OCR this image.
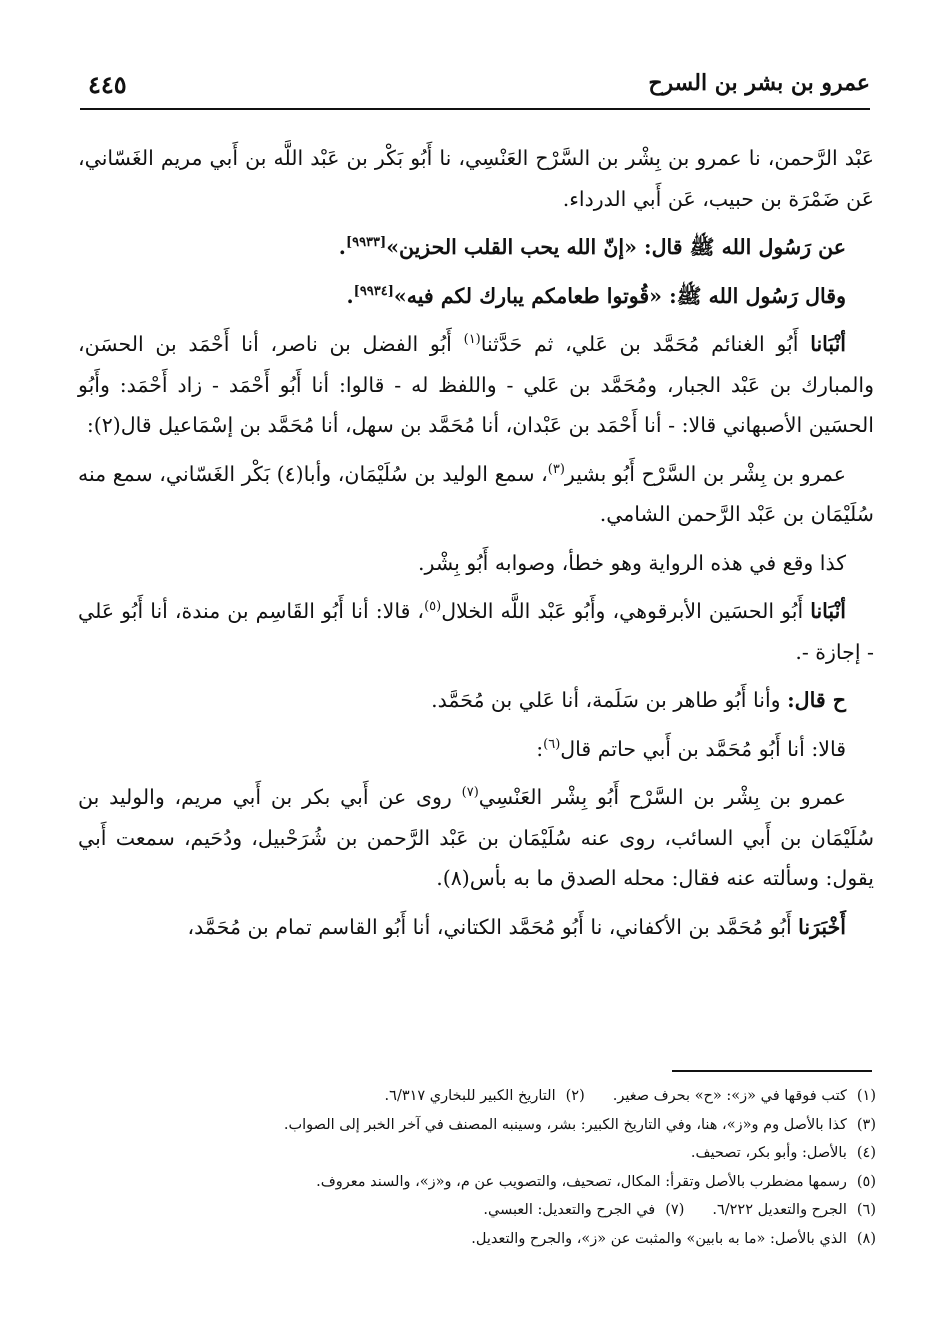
٤٤٥	عمرو بن بشر بن السرح

عَبْد الرَّحمن، نا عمرو بن بِشْر بن السَّرْح العَنْسِي، نا أَبُو بَكْر بن عَبْد اللَّه بن أَبي مريم الغَسّاني، عَن ضَمْرَة بن حبيب، عَن أَبي الدرداء.

عن رَسُول الله ﷺ قال: «إنّ الله يحب القلب الحزين»[٩٩٣٣].

وقال رَسُول الله ﷺ: «قُوتوا طعامكم يبارك لكم فيه»[٩٩٣٤].

أنْبَانا أَبُو الغنائم مُحَمَّد بن عَلي، ثم حَدَّثنا$^{(١)}$ أَبُو الفضل بن ناصر، أنا أَحْمَد بن الحسَن، والمبارك بن عَبْد الجبار، ومُحَمَّد بن عَلي - واللفظ له - قالوا: أنا أَبُو أَحْمَد - زاد أَحْمَد: وأَبُو الحسَين الأصبهاني قالا: - أنا أَحْمَد بن عَبْدان، أنا مُحَمَّد بن سهل، أنا مُحَمَّد بن إسْمَاعيل قال(٢):

عمرو بن بِشْر بن السَّرْح أَبُو بشير$^{(٣)}$، سمع الوليد بن سُلَيْمَان، وأبا(٤) بَكْر الغَسّاني، سمع منه سُلَيْمَان بن عَبْد الرَّحمن الشامي.

كذا وقع في هذه الرواية وهو خطأ، وصوابه أَبُو بِشْر.

أنْبَانا أَبُو الحسَين الأبرقوهي، وأَبُو عَبْد اللَّه الخلال$^{(٥)}$، قالا: أنا أَبُو القَاسِم بن مندة، أنا أَبُو عَلي - إجازة -.

ح قال: وأنا أَبُو طاهر بن سَلَمة، أنا عَلي بن مُحَمَّد.

قالا: أنا أَبُو مُحَمَّد بن أَبي حاتم قال$^{(٦)}$:

عمرو بن بِشْر بن السَّرْح أَبُو بِشْر العَنْسِي$^{(٧)}$ روى عن أَبي بكر بن أَبي مريم، والوليد بن سُلَيْمَان بن أَبي السائب، روى عنه سُلَيْمَان بن عَبْد الرَّحمن بن شُرَحْبيل، ودُحَيم، سمعت أَبي يقول: وسألته عنه فقال: محله الصدق ما به بأس(٨).

أَخْبَرَنا أَبُو مُحَمَّد بن الأكفاني، نا أَبُو مُحَمَّد الكتاني، أنا أَبُو القاسم تمام بن مُحَمَّد،

(١)كتب فوقها في «ز»: «ح» بحرف صغير.(٢)التاريخ الكبير للبخاري ٦/٣١٧.
(٣)كذا بالأصل وم و«ز»، هنا، وفي التاريخ الكبير: بشر، وسينبه المصنف في آخر الخبر إلى الصواب.
(٤)بالأصل: وأبو بكر، تصحيف.
(٥)رسمها مضطرب بالأصل وتقرأ: المكال، تصحيف، والتصويب عن م، و«ز»، والسند معروف.
(٦)الجرح والتعديل ٦/٢٢٢.(٧)في الجرح والتعديل: العبسي.
(٨)الذي بالأصل: «ما به بابين» والمثبت عن «ز»، والجرح والتعديل.
